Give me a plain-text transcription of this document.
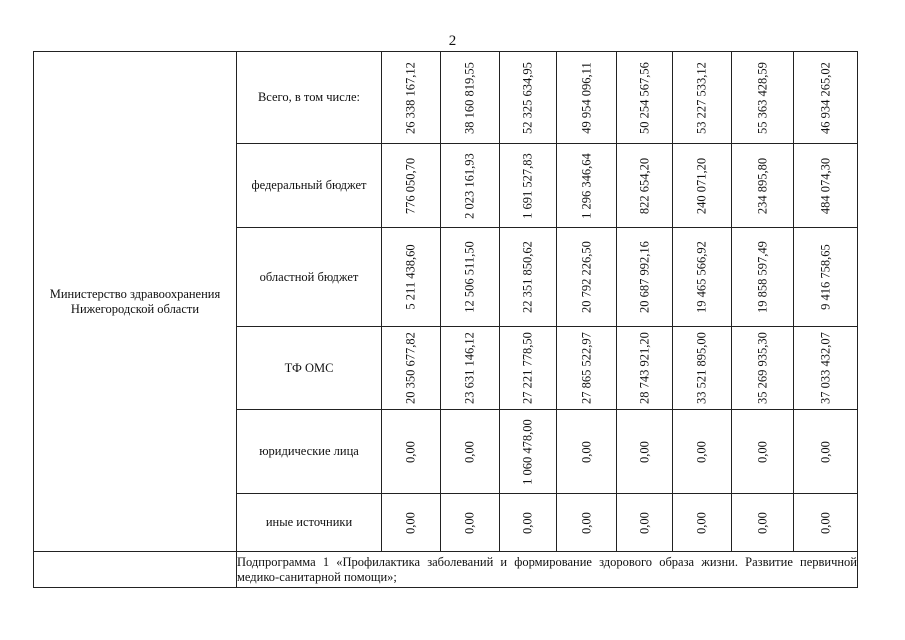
2
Министерство здравоохранения Нижегородской области	Всего, в том числе:	26 338 167,12	38 160 819,55	52 325 634,95	49 954 096,11	50 254 567,56	53 227 533,12	55 363 428,59	46 934 265,02

	федеральный бюджет	776 050,70	2 023 161,93	1 691 527,83	1 296 346,64	822 654,20	240 071,20	234 895,80	484 074,30

	областной бюджет	5 211 438,60	12 506 511,50	22 351 850,62	20 792 226,50	20 687 992,16	19 465 566,92	19 858 597,49	9 416 758,65

	ТФ ОМС	20 350 677,82	23 631 146,12	27 221 778,50	27 865 522,97	28 743 921,20	33 521 895,00	35 269 935,30	37 033 432,07

	юридические лица	0,00	0,00	1 060 478,00	0,00	0,00	0,00	0,00	0,00

	иные источники	0,00	0,00	0,00	0,00	0,00	0,00	0,00	0,00

	Подпрограмма 1 «Профилактика заболеваний и формирование здорового образа жизни. Развитие первичной медико-санитарной помощи»;								
